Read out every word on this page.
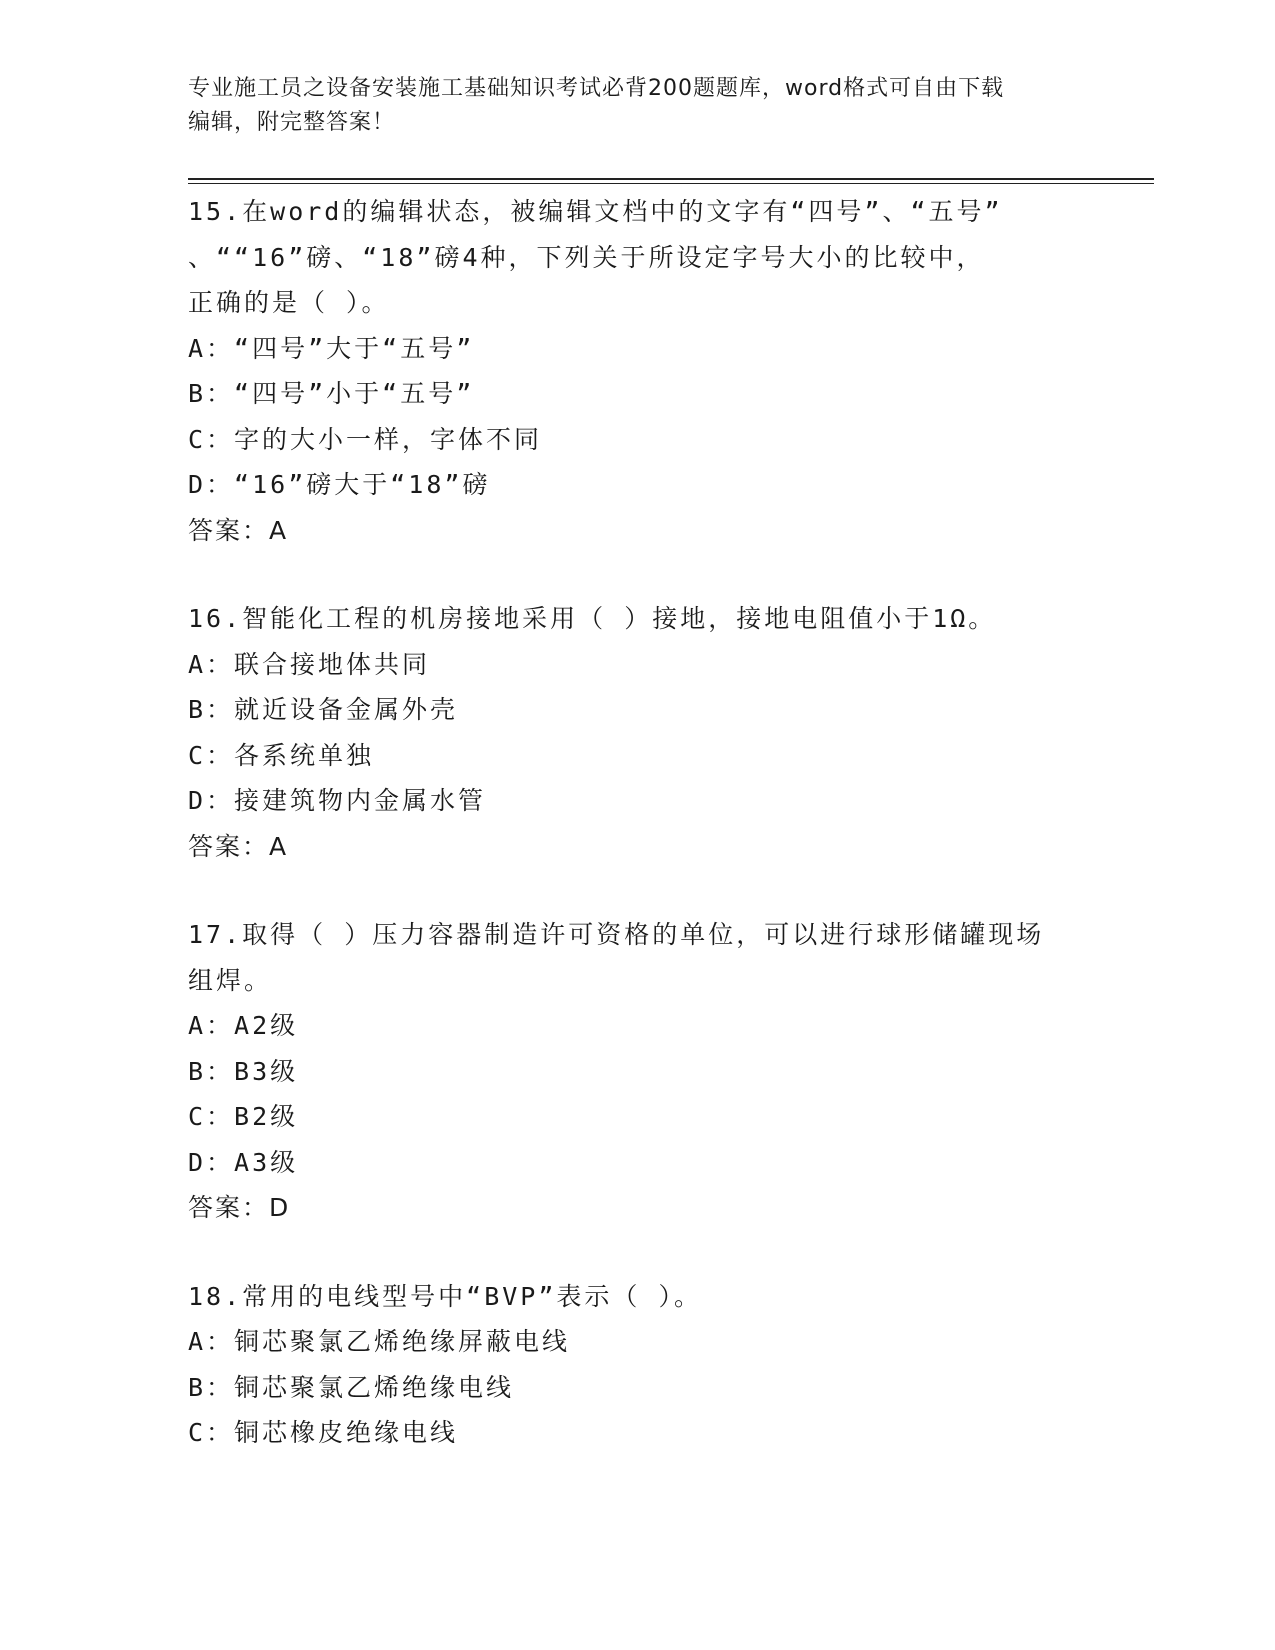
专业施工员之设备安装施工基础知识考试必背200题题库，word格式可自由下载
编辑，附完整答案！
15.在word的编辑状态，被编辑文档中的文字有“四号”、“五号”
、““16”磅、“18”磅4种，下列关于所设定字号大小的比较中，
正确的是（ ）。
A：“四号”大于“五号”
B：“四号”小于“五号”
C：字的大小一样，字体不同
D：“16”磅大于“18”磅
答案：A
16.智能化工程的机房接地采用（ ）接地，接地电阻值小于1Ω。
A：联合接地体共同
B：就近设备金属外壳
C：各系统单独
D：接建筑物内金属水管
答案：A
17.取得（ ）压力容器制造许可资格的单位，可以进行球形储罐现场
组焊。
A：A2级
B：B3级
C：B2级
D：A3级
答案：D
18.常用的电线型号中“BVP”表示（ ）。
A：铜芯聚氯乙烯绝缘屏蔽电线
B：铜芯聚氯乙烯绝缘电线
C：铜芯橡皮绝缘电线
